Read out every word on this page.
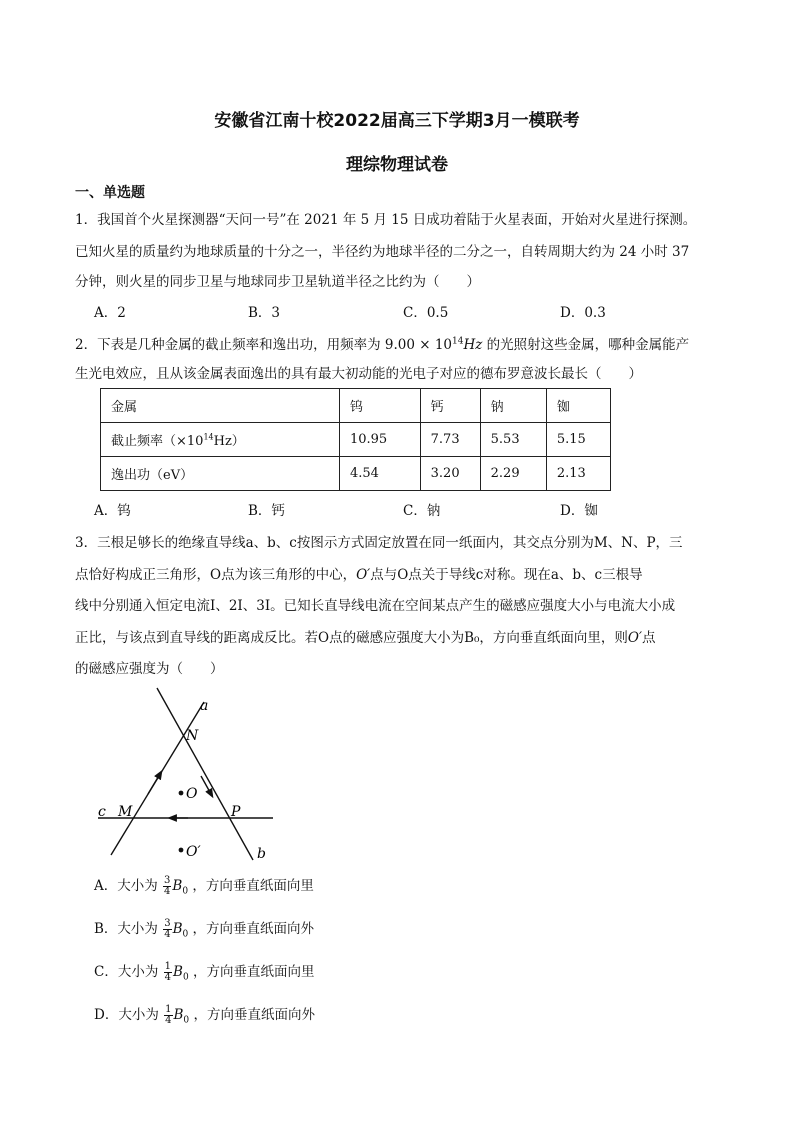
安徽省江南十校2022届高三下学期3月一模联考
理综物理试卷
一、单选题
1．我国首个火星探测器“天问一号”在 2021 年 5 月 15 日成功着陆于火星表面，开始对火星进行探测。
已知火星的质量约为地球质量的十分之一，半径约为地球半径的二分之一，自转周期大约为 24 小时 37
分钟，则火星的同步卫星与地球同步卫星轨道半径之比约为（　　）
A．2	B．3	C．0.5	D．0.3
2．下表是几种金属的截止频率和逸出功，用频率为 $9.00 \times 10^{14}Hz$ 的光照射这些金属，哪种金属能产
生光电效应，且从该金属表面逸出的具有最大初动能的光电子对应的德布罗意波长最长（　　）
金属	钨	钙	钠	铷
截止频率$(\times 10^{14}Hz)$	10.95	7.73	5.53	5.15
逸出功（eV）	4.54	3.20	2.29	2.13
A．钨	B．钙	C．钠	D．铷
3．三根足够长的绝缘直导线a、b、c按图示方式固定放置在同一纸面内，其交点分别为M、N、P，三
点恰好构成正三角形，O点为该三角形的中心，O′点与O点关于导线c对称。现在a、b、c三根导
线中分别通入恒定电流I、2I、3I。已知长直导线电流在空间某点产生的磁感应强度大小与电流大小成
正比，与该点到直导线的距离成反比。若O点的磁感应强度大小为B₀，方向垂直纸面向里，则O′点
的磁感应强度为（　　）
a
b
c
N
M	P
O
O′
A．大小为 $\frac{3}{4} B_0$ ，方向垂直纸面向里
B．大小为 $\frac{3}{4} B_0$ ，方向垂直纸面向外
C．大小为 $\frac{1}{4} B_0$ ，方向垂直纸面向里
D．大小为 $\frac{1}{4} B_0$ ，方向垂直纸面向外
